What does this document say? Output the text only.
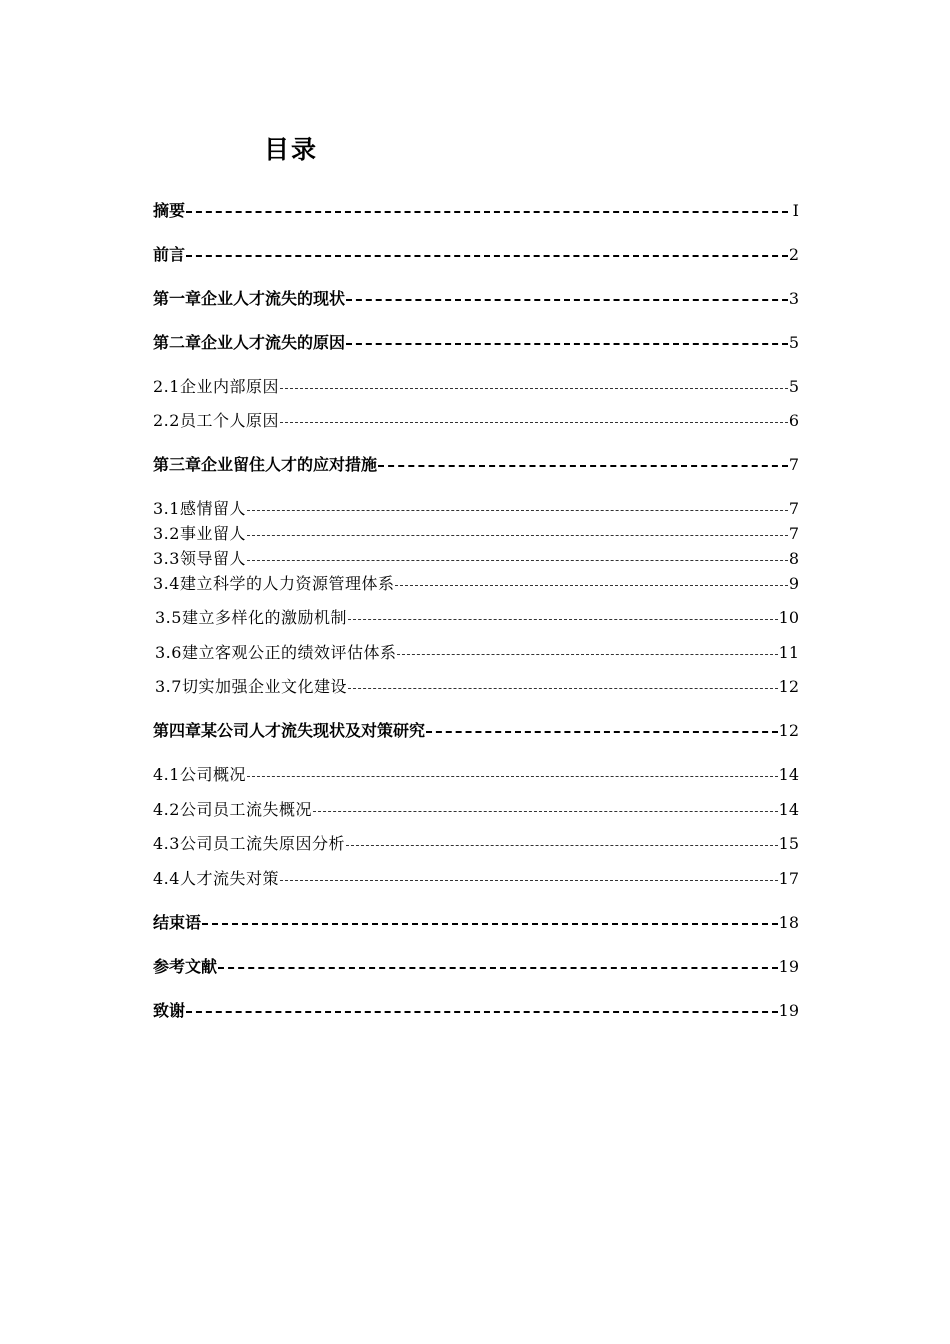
目录
摘要	I
前言	2
第一章企业人才流失的现状	3
第二章企业人才流失的原因	5
2.1企业内部原因	5
2.2员工个人原因	6
第三章企业留住人才的应对措施	7
3.1感情留人	7
3.2事业留人	7
3.3领导留人	8
3.4建立科学的人力资源管理体系	9
3.5建立多样化的激励机制	10
3.6建立客观公正的绩效评估体系	11
3.7切实加强企业文化建设	12
第四章某公司人才流失现状及对策研究	12
4.1公司概况	14
4.2公司员工流失概况	14
4.3公司员工流失原因分析	15
4.4人才流失对策	17
结束语	18
参考文献	19
致谢	19
